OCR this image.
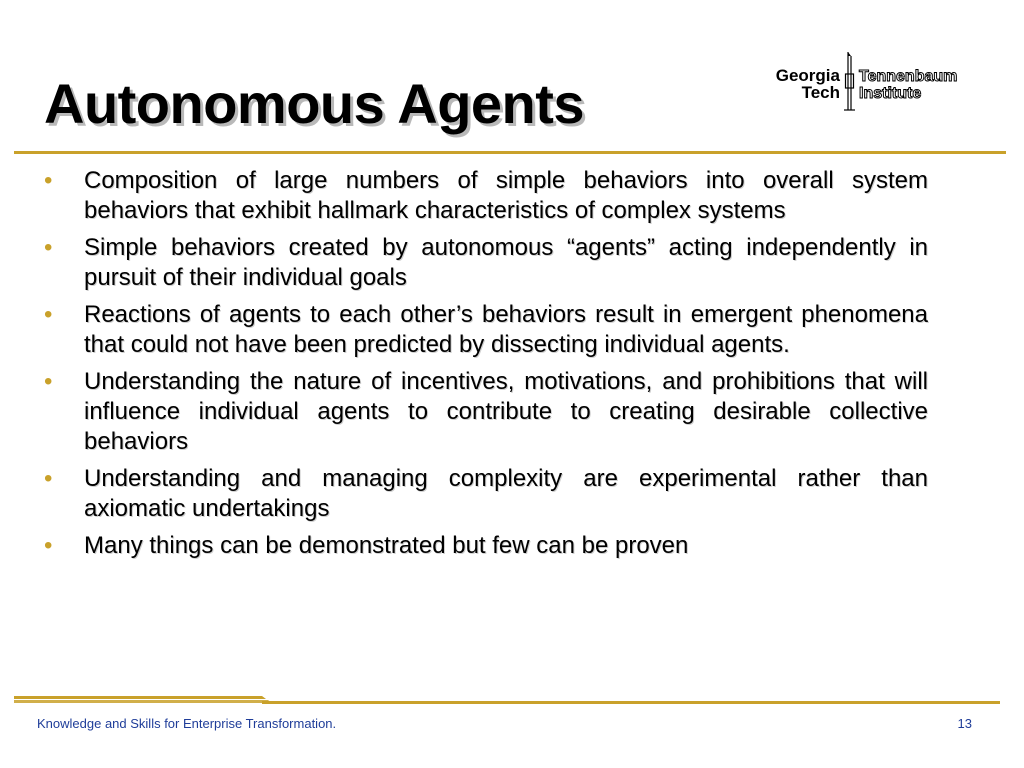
Autonomous Agents	Georgia
Tech
Tennenbaum
Institute
•	Composition of large numbers of simple behaviors into overall system behaviors that exhibit hallmark characteristics of complex systems
•	Simple behaviors created by autonomous “agents” acting independently in pursuit of their individual goals
•	Reactions of agents to each other’s behaviors result in emergent phenomena that could not have been predicted by dissecting individual agents.
•	Understanding the nature of incentives, motivations, and prohibitions that will influence individual agents to contribute to creating desirable collective behaviors
•	Understanding and managing complexity are experimental rather than axiomatic undertakings
•	Many things can be demonstrated but few can be proven
Knowledge and Skills for Enterprise Transformation.	13
